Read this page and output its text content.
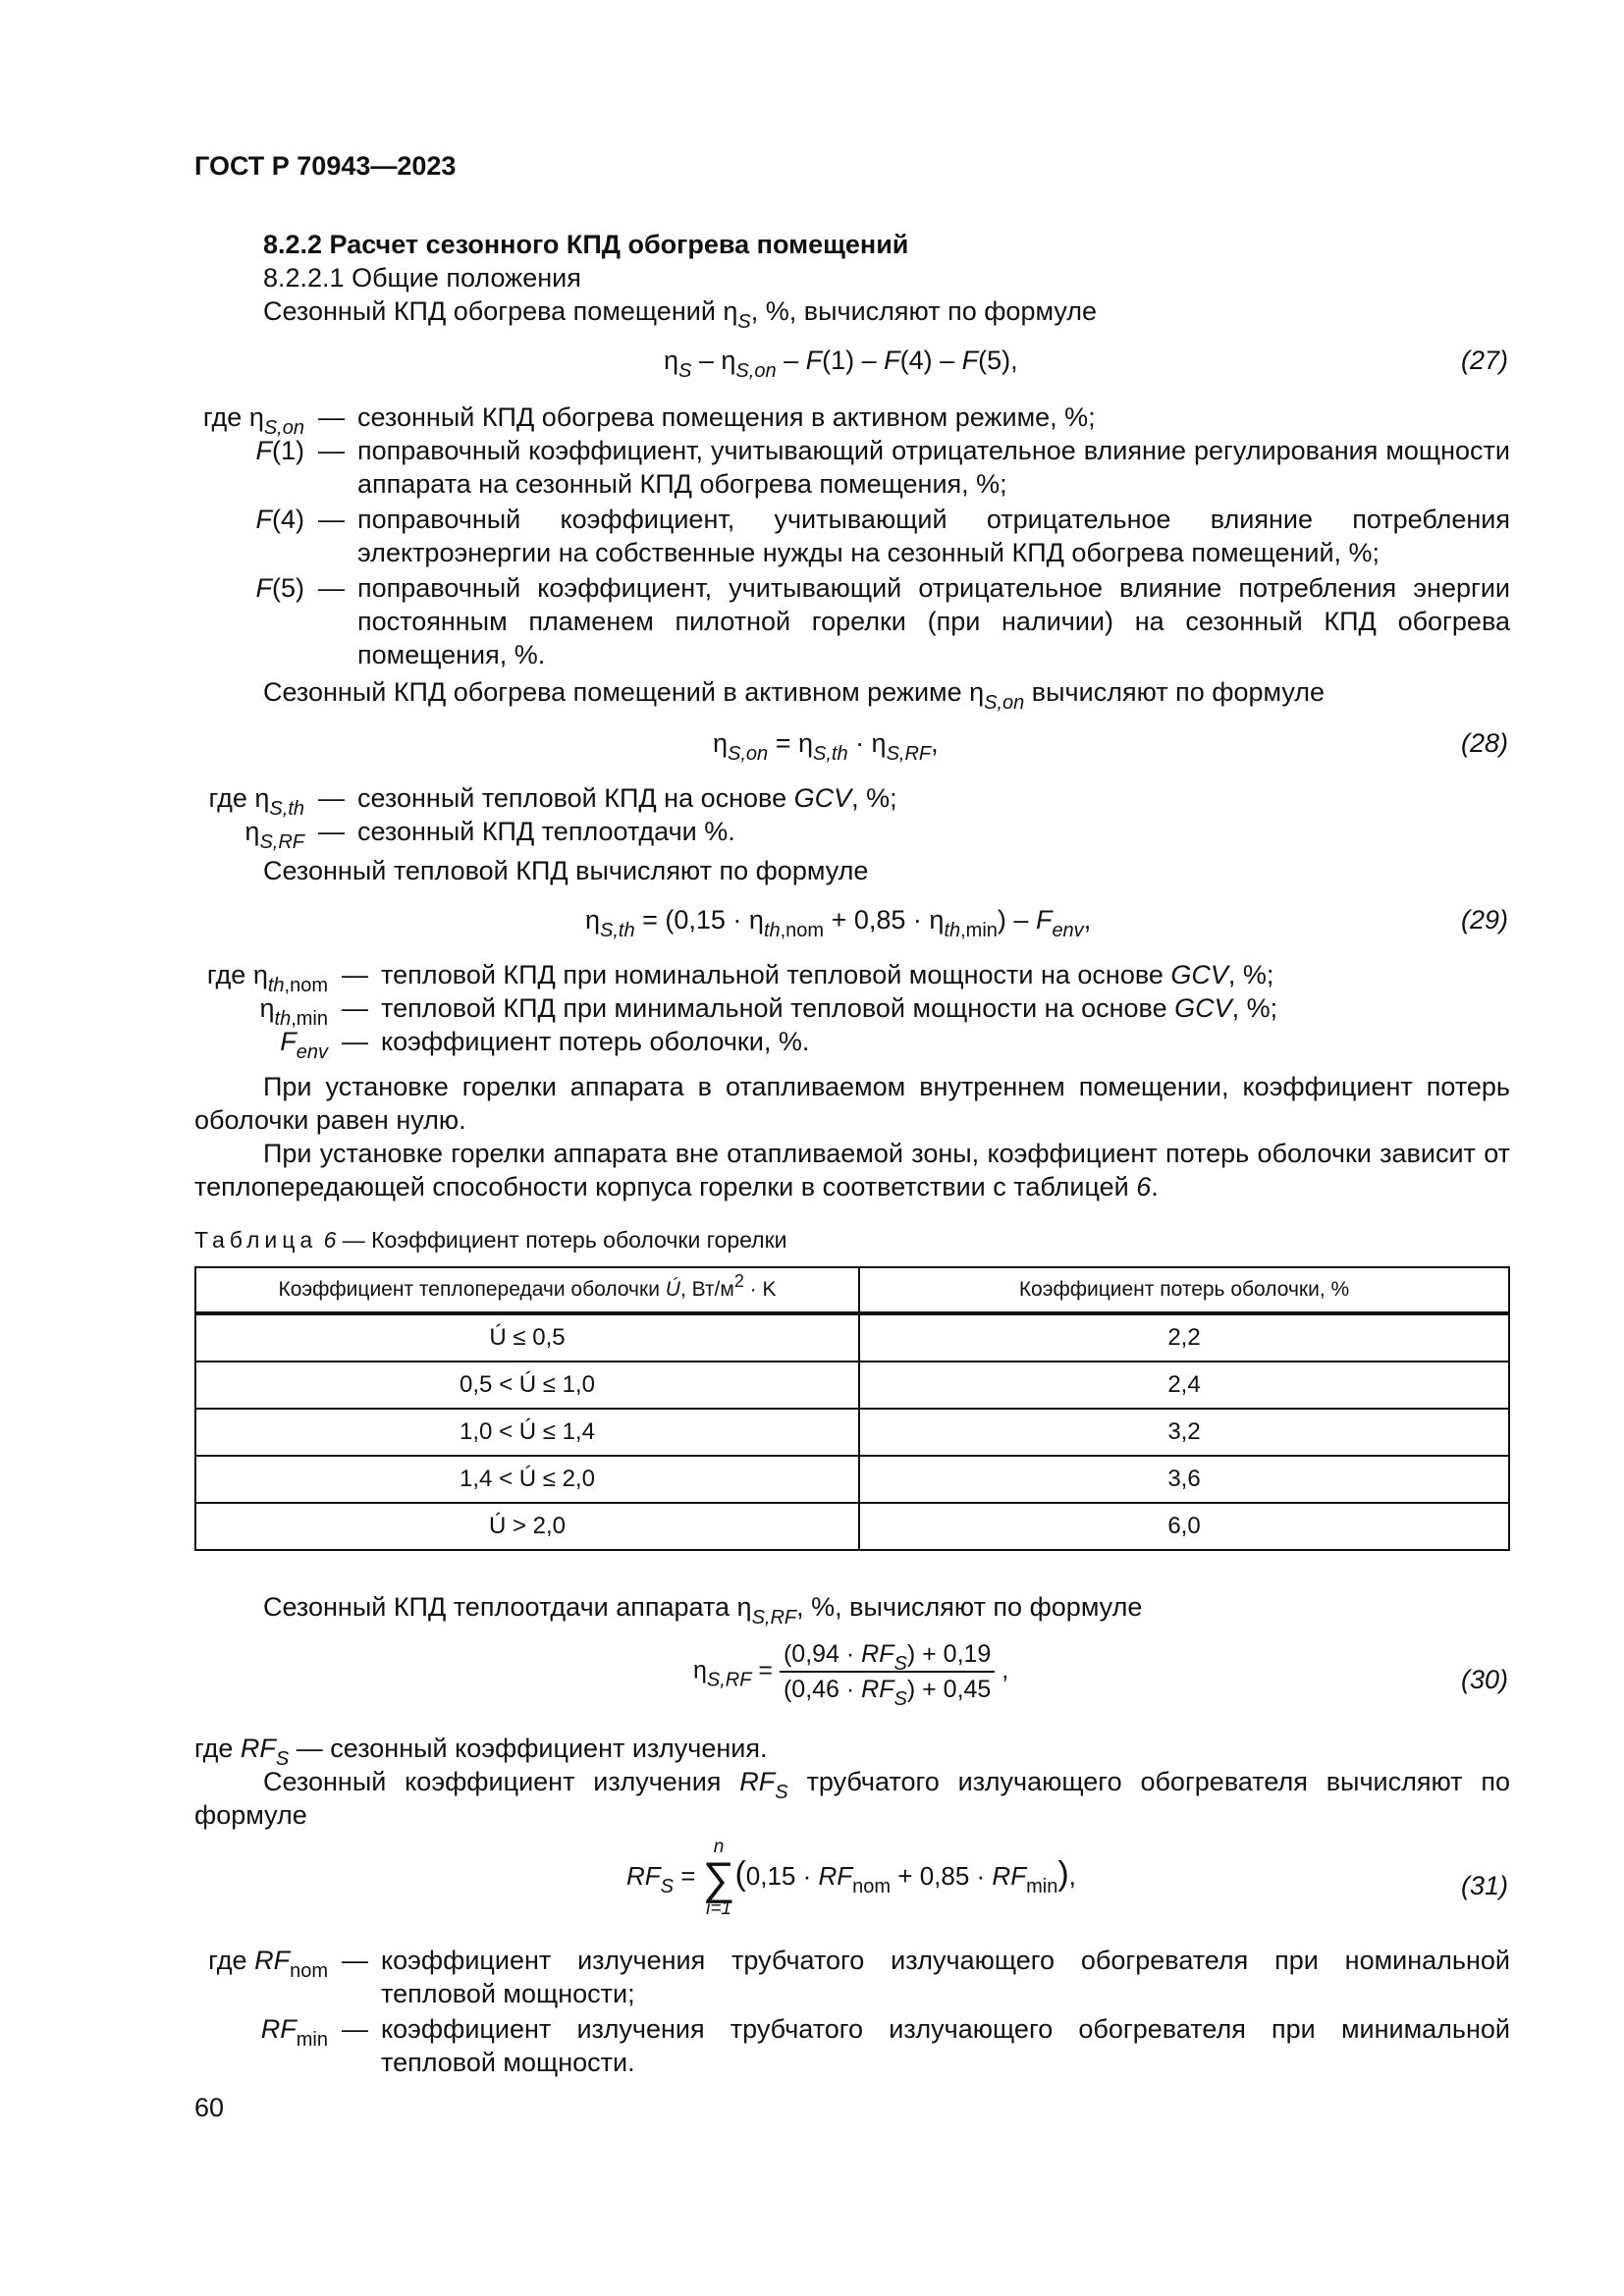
ГОСТ Р 70943—2023
8.2.2 Расчет сезонного КПД обогрева помещений
8.2.2.1 Общие положения
Сезонный КПД обогрева помещений $\eta_S$, %, вычисляют по формуле
$\eta_S - \eta_{S,on} - F(1) - F(4) - F(5)$,	(27)
где $\eta_{S,on}$ — сезонный КПД обогрева помещения в активном режиме, %;
F(1) — поправочный коэффициент, учитывающий отрицательное влияние регулирования мощности аппарата на сезонный КПД обогрева помещения, %;
F(4) — поправочный коэффициент, учитывающий отрицательное влияние потребления электроэнергии на собственные нужды на сезонный КПД обогрева помещений, %;
F(5) — поправочный коэффициент, учитывающий отрицательное влияние потребления энергии постоянным пламенем пилотной горелки (при наличии) на сезонный КПД обогрева помещения, %.
Сезонный КПД обогрева помещений в активном режиме $\eta_{S,on}$ вычисляют по формуле
$\eta_{S,on} = \eta_{S,th} \cdot \eta_{S,RF}$,	(28)
где $\eta_{S,th}$ — сезонный тепловой КПД на основе GCV, %;
$\eta_{S,RF}$ — сезонный КПД теплоотдачи %.
Сезонный тепловой КПД вычисляют по формуле
$\eta_{S,th} = (0,15 \cdot \eta_{th,nom} + 0,85 \cdot \eta_{th,min}) - F_{env}$,	(29)
где $\eta_{th,nom}$ — тепловой КПД при номинальной тепловой мощности на основе GCV, %;
$\eta_{th,min}$ — тепловой КПД при минимальной тепловой мощности на основе GCV, %;
$F_{env}$ — коэффициент потерь оболочки, %.
При установке горелки аппарата в отапливаемом внутреннем помещении, коэффициент потерь оболочки равен нулю.
При установке горелки аппарата вне отапливаемой зоны, коэффициент потерь оболочки зависит от теплопередающей способности корпуса горелки в соответствии с таблицей 6.
Таблица 6 — Коэффициент потерь оболочки горелки
Коэффициент теплопередачи оболочки Ú, $Вт/м^2 \cdot K$	Коэффициент потерь оболочки, %
Ú ≤ 0,5	2,2
0,5 < Ú ≤ 1,0	2,4
1,0 < Ú ≤ 1,4	3,2
1,4 < Ú ≤ 2,0	3,6
Ú > 2,0	6,0
Сезонный КПД теплоотдачи аппарата $\eta_{S,RF}$, %, вычисляют по формуле
$\eta_{S,RF} = \frac{(0,94 \cdot RF_S) + 0,19}{(0,46 \cdot RF_S) + 0,45}$ ,	(30)
где $RF_S$ — сезонный коэффициент излучения.
Сезонный коэффициент излучения $RF_S$ трубчатого излучающего обогревателя вычисляют по формуле
$RF_S$ =
n
∑
i=1
$(0,15 \cdot RF_{nom} + 0,85 \cdot RF_{min})$,	(31)
где $RF_{nom}$ — коэффициент излучения трубчатого излучающего обогревателя при номинальной тепловой мощности;
$RF_{min}$ — коэффициент излучения трубчатого излучающего обогревателя при минимальной тепловой мощности.
60
